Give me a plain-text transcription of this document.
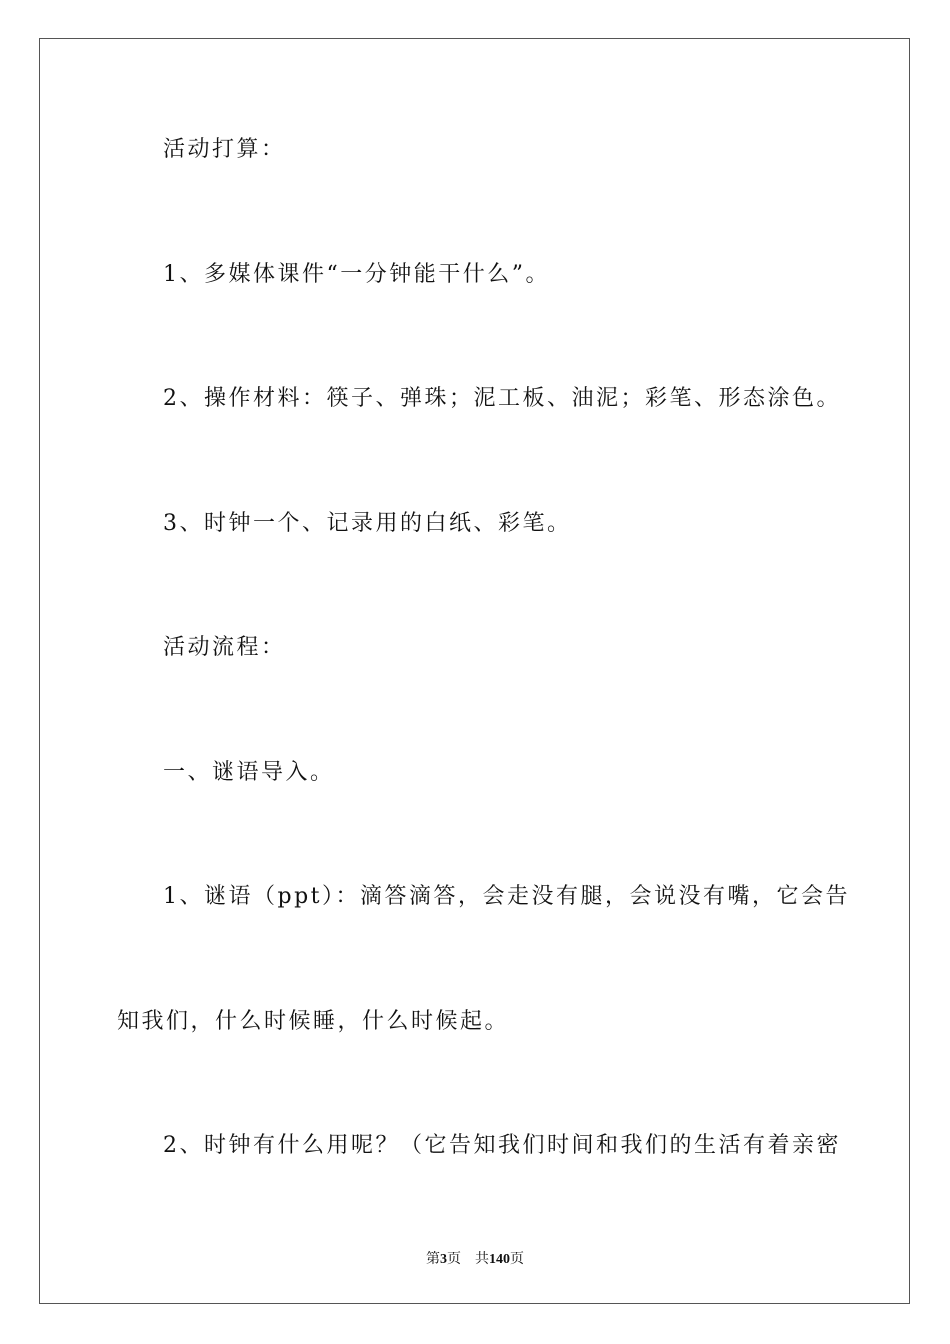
活动打算：

1、多媒体课件“一分钟能干什么”。

2、操作材料：筷子、弹珠；泥工板、油泥；彩笔、形态涂色。

3、时钟一个、记录用的白纸、彩笔。

活动流程：

一、谜语导入。

1、谜语（ppt）：滴答滴答，会走没有腿，会说没有嘴，它会告

知我们，什么时候睡，什么时候起。

2、时钟有什么用呢？（它告知我们时间和我们的生活有着亲密

第3页 共140页
